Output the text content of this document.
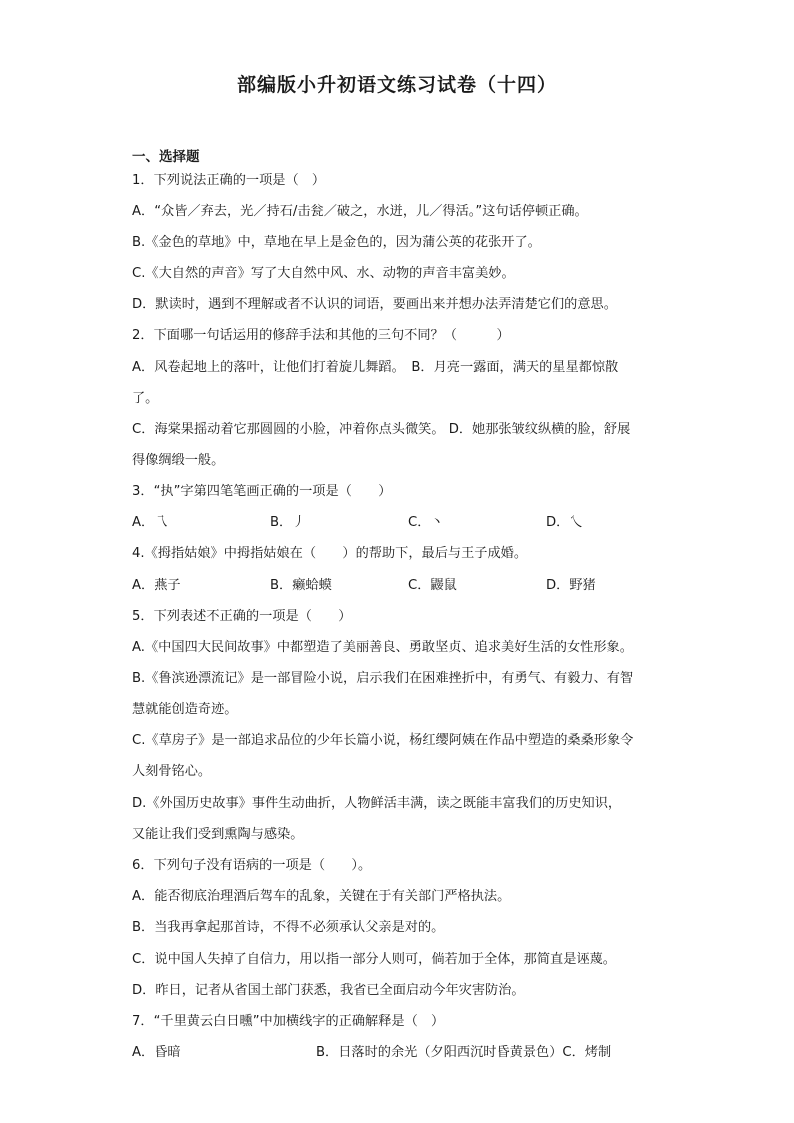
部编版小升初语文练习试卷（十四）
一、选择题
1．下列说法正确的一项是（　）
A．“众皆／弃去，光／持石/击瓮／破之，水迸，儿／得活。”这句话停顿正确。
B.《金色的草地》中，草地在早上是金色的，因为蒲公英的花张开了。
C.《大自然的声音》写了大自然中风、水、动物的声音丰富美妙。
D．默读时，遇到不理解或者不认识的词语，要画出来并想办法弄清楚它们的意思。
2．下面哪一句话运用的修辞手法和其他的三句不同？（　　　）
A．风卷起地上的落叶，让他们打着旋儿舞蹈。　B．月亮一露面，满天的星星都惊散
了。
C．海棠果摇动着它那圆圆的小脸，冲着你点头微笑。 D．她那张皱纹纵横的脸，舒展
得像绸缎一般。
3．“执”字第四笔笔画正确的一项是（　　）
A．乁	B．丿	C．丶	D．乀
4.《拇指姑娘》中拇指姑娘在（　　）的帮助下，最后与王子成婚。
A．燕子	B．癞蛤蟆	C．鼹鼠	D．野猪
5．下列表述不正确的一项是（　　）
A.《中国四大民间故事》中都塑造了美丽善良、勇敢坚贞、追求美好生活的女性形象。
B.《鲁滨逊漂流记》是一部冒险小说，启示我们在困难挫折中，有勇气、有毅力、有智
慧就能创造奇迹。
C.《草房子》是一部追求品位的少年长篇小说，杨红缨阿姨在作品中塑造的桑桑形象令
人刻骨铭心。
D.《外国历史故事》事件生动曲折，人物鲜活丰满，读之既能丰富我们的历史知识，
又能让我们受到熏陶与感染。
6．下列句子没有语病的一项是（　　）。
A．能否彻底治理酒后驾车的乱象，关键在于有关部门严格执法。
B．当我再拿起那首诗，不得不必须承认父亲是对的。
C．说中国人失掉了自信力，用以指一部分人则可，倘若加于全体，那简直是诬蔑。
D．昨日，记者从省国土部门获悉，我省已全面启动今年灾害防治。
7．“千里黄云白日曛”中加横线字的正确解释是（　）
A．昏暗	B．日落时的余光（夕阳西沉时昏黄景色）C．烤制
